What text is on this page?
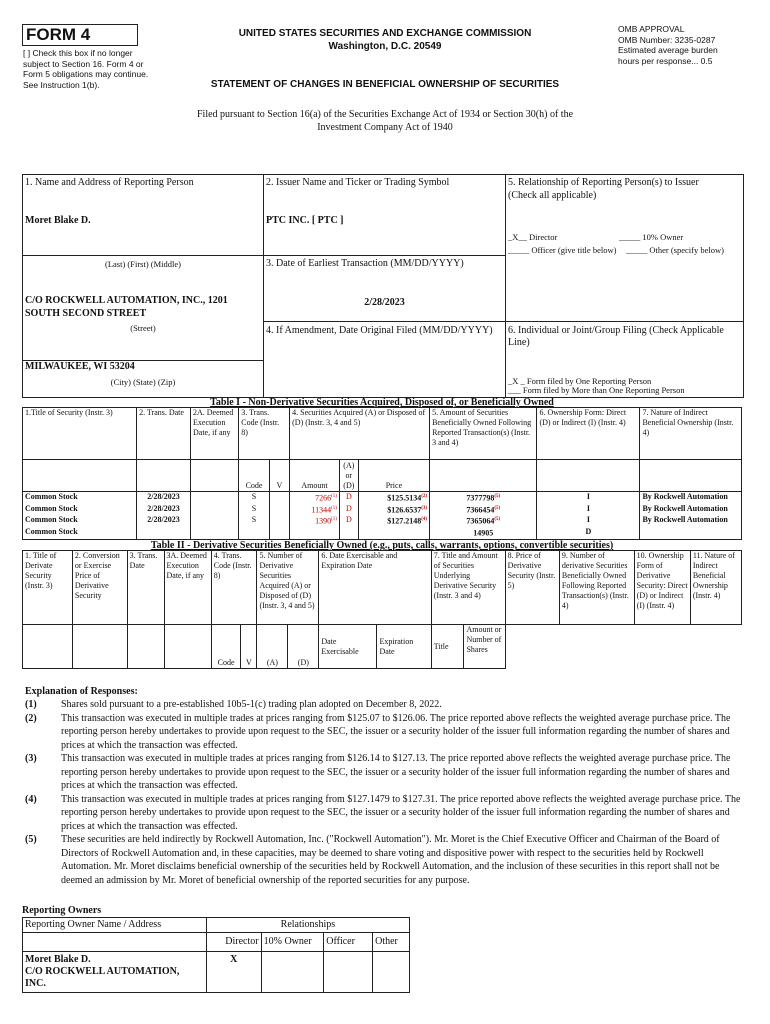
FORM 4
[ ] Check this box if no longer subject to Section 16. Form 4 or Form 5 obligations may continue. See Instruction 1(b).
UNITED STATES SECURITIES AND EXCHANGE COMMISSION
Washington, D.C. 20549
OMB APPROVAL
OMB Number: 3235-0287
Estimated average burden
hours per response... 0.5
STATEMENT OF CHANGES IN BENEFICIAL OWNERSHIP OF SECURITIES
Filed pursuant to Section 16(a) of the Securities Exchange Act of 1934 or Section 30(h) of the
Investment Company Act of 1940
1. Name and Address of Reporting Person
Moret Blake D.
(Last) (First) (Middle)
C/O ROCKWELL AUTOMATION, INC., 1201
SOUTH SECOND STREET
(Street)
MILWAUKEE, WI 53204
(City) (State) (Zip)
2. Issuer Name and Ticker or Trading Symbol
PTC INC. [ PTC ]
3. Date of Earliest Transaction (MM/DD/YYYY)
2/28/2023
4. If Amendment, Date Original Filed (MM/DD/YYYY)
5. Relationship of Reporting Person(s) to Issuer
(Check all applicable)
_X__ Director	_____ 10% Owner
_____ Officer (give title below) _____ Other (specify below)
6. Individual or Joint/Group Filing (Check Applicable Line)
_X _ Form filed by One Reporting Person
___ Form filed by More than One Reporting Person
Table I - Non-Derivative Securities Acquired, Disposed of, or Beneficially Owned
1.Title of Security (Instr. 3)	2. Trans. Date	2A. Deemed Execution Date, if any	3. Trans. Code (Instr. 8)		4. Securities Acquired (A) or Disposed of (D) (Instr. 3, 4 and 5)			5. Amount of Securities Beneficially Owned Following Reported Transaction(s) (Instr. 3 and 4)	6. Ownership Form: Direct (D) or Indirect (I) (Instr. 4)	7. Nature of Indirect Beneficial Ownership (Instr. 4)
			Code	V	Amount	(A) or (D)	Price			
Common Stock	2/28/2023		S		7266$^{(1)}$	D	$125.5134$^{(2)}$	7377798$^{(5)}$	I	By Rockwell Automation
Common Stock	2/28/2023		S		11344$^{(1)}$	D	$126.6537$^{(3)}$	7366454$^{(5)}$	I	By Rockwell Automation
Common Stock	2/28/2023		S		1390$^{(1)}$	D	$127.2148$^{(4)}$	7365064$^{(5)}$	I	By Rockwell Automation
Common Stock								14905	D	
Table II - Derivative Securities Beneficially Owned (e.g., puts, calls, warrants, options, convertible securities)
1. Title of Derivate Security (Instr. 3)	2. Conversion or Exercise Price of Derivative Security	3. Trans. Date	3A. Deemed Execution Date, if any	4. Trans. Code (Instr. 8)		5. Number of Derivative Securities Acquired (A) or Disposed of (D) (Instr. 3, 4 and 5)		6. Date Exercisable and Expiration Date		7. Title and Amount of Securities Underlying Derivative Security (Instr. 3 and 4)		8. Price of Derivative Security (Instr. 5)	9. Number of derivative Securities Beneficially Owned Following Reported Transaction(s) (Instr. 4)	10. Ownership Form of Derivative Security: Direct (D) or Indirect (I) (Instr. 4)	11. Nature of Indirect Beneficial Ownership (Instr. 4)
				Code	V	(A)	(D)	Date Exercisable	Expiration Date	Title	Amount or Number of Shares				
Explanation of Responses:
(1)	Shares sold pursuant to a pre-established 10b5-1(c) trading plan adopted on December 8, 2022.
(2)	This transaction was executed in multiple trades at prices ranging from $125.07 to $126.06. The price reported above reflects the weighted average purchase price. The reporting person hereby undertakes to provide upon request to the SEC, the issuer or a security holder of the issuer full information regarding the number of shares and prices at which the transaction was effected.
(3)	This transaction was executed in multiple trades at prices ranging from $126.14 to $127.13. The price reported above reflects the weighted average purchase price. The reporting person hereby undertakes to provide upon request to the SEC, the issuer or a security holder of the issuer full information regarding the number of shares and prices at which the transaction was effected.
(4)	This transaction was executed in multiple trades at prices ranging from $127.1479 to $127.31. The price reported above reflects the weighted average purchase price. The reporting person hereby undertakes to provide upon request to the SEC, the issuer or a security holder of the issuer full information regarding the number of shares and prices at which the transaction was effected.
(5)	These securities are held indirectly by Rockwell Automation, Inc. ("Rockwell Automation"). Mr. Moret is the Chief Executive Officer and Chairman of the Board of Directors of Rockwell Automation and, in these capacities, may be deemed to share voting and dispositive power with respect to the securities held by Rockwell Automation. Mr. Moret disclaims beneficial ownership of the securities held by Rockwell Automation, and the inclusion of these securities in this report shall not be deemed an admission by Mr. Moret of beneficial ownership of the reported securities for any purpose.
Reporting Owners
Reporting Owner Name / Address	Relationships			
	Director	10% Owner	Officer	Other

Moret Blake D.
C/O ROCKWELL AUTOMATION,
INC.	X			
